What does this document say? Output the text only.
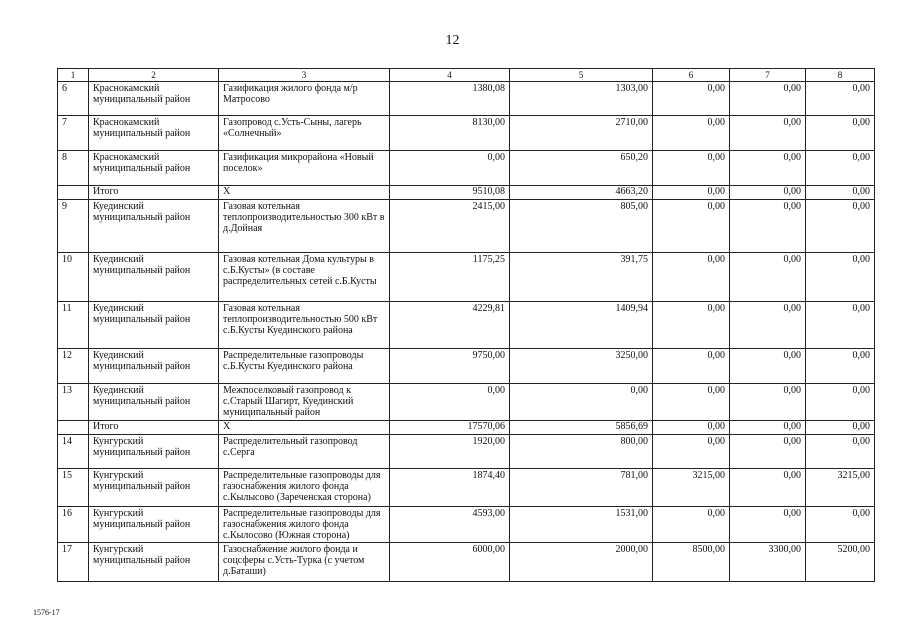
12
1	2	3	4	5	6	7	8
6	Краснокамский муниципальный район	Газификация жилого фонда м/р Матросово	1380,08	1303,00	0,00	0,00	0,00
7	Краснокамский муниципальный район	Газопровод с.Усть-Сыны, лагерь «Солнечный»	8130,00	2710,00	0,00	0,00	0,00
8	Краснокамский муниципальный район	Газификация микрорайона «Новый поселок»	0,00	650,20	0,00	0,00	0,00
	Итого	Х	9510,08	4663,20	0,00	0,00	0,00
9	Куединский муниципальный район	Газовая котельная теплопроизводительностью 300 кВт в д.Дойная	2415,00	805,00	0,00	0,00	0,00
10	Куединский муниципальный район	Газовая котельная Дома культуры в с.Б.Кусты» (в составе распределительных сетей с.Б.Кусты	1175,25	391,75	0,00	0,00	0,00
11	Куединский муниципальный район	Газовая котельная теплопроизводительностью 500 кВт с.Б.Кусты Куединского района	4229,81	1409,94	0,00	0,00	0,00
12	Куединский муниципальный район	Распределительные газопроводы с.Б.Кусты Куединского района	9750,00	3250,00	0,00	0,00	0,00
13	Куединский муниципальный район	Межпоселковый газопровод к с.Старый Шагирт, Куединский муниципальный район	0,00	0,00	0,00	0,00	0,00
	Итого	Х	17570,06	5856,69	0,00	0,00	0,00
14	Кунгурский муниципальный район	Распределительный газопровод с.Серга	1920,00	800,00	0,00	0,00	0,00
15	Кунгурский муниципальный район	Распределительные газопроводы для газоснабжения жилого фонда с.Кылысово (Зареченская сторона)	1874,40	781,00	3215,00	0,00	3215,00
16	Кунгурский муниципальный район	Распределительные газопроводы для газоснабжения жилого фонда с.Кылосово (Южная сторона)	4593,00	1531,00	0,00	0,00	0,00
17	Кунгурский муниципальный район	Газоснабжение жилого фонда и соцсферы с.Усть-Турка (с учетом д.Баташи)	6000,00	2000,00	8500,00	3300,00	5200,00
1576-17
